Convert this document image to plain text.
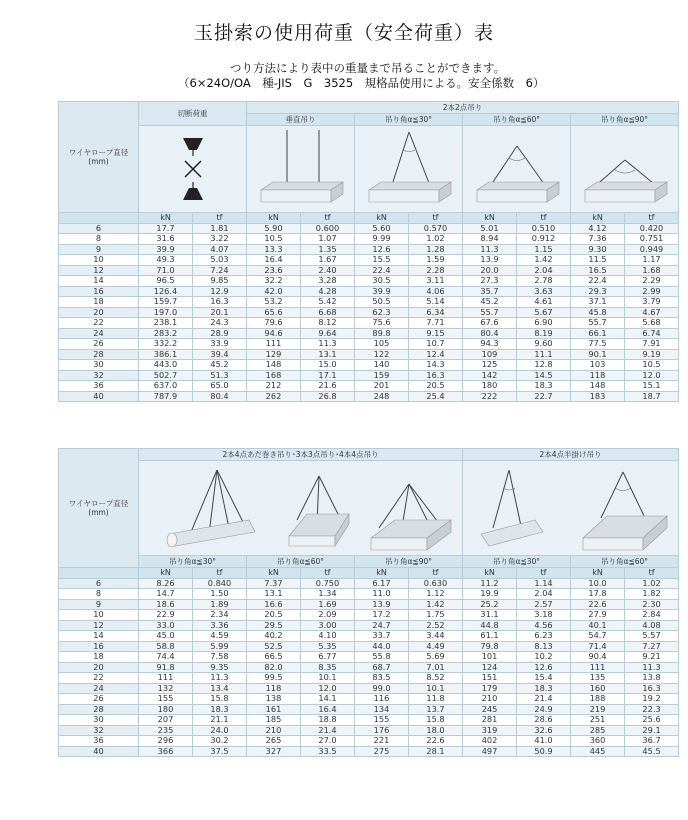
玉掛索の使用荷重（安全荷重）表
つり方法により表中の重量まで吊ることができます。
（6×24O/OA　種-JIS　G　3525　規格品使用による。安全係数　6）
ワイヤロープ直径(mm)	切断荷重		2本2点吊り							
			垂直吊り		吊り角α≦30°		吊り角α≦60°		吊り角α≦90°	

	kN	tf	kN	tf	kN	tf	kN	tf	kN	tf
6	17.7	1.81	5.90	0.600	5.60	0.570	5.01	0.510	4.12	0.420
8	31.6	3.22	10.5	1.07	9.99	1.02	8.94	0.912	7.36	0.751
9	39.9	4.07	13.3	1.35	12.6	1.28	11.3	1.15	9.30	0.949
10	49.3	5.03	16.4	1.67	15.5	1.59	13.9	1.42	11.5	1.17
12	71.0	7.24	23.6	2.40	22.4	2.28	20.0	2.04	16.5	1.68
14	96.5	9.85	32.2	3.28	30.5	3.11	27.3	2.78	22.4	2.29
16	126.4	12.9	42.0	4.28	39.9	4.06	35.7	3.63	29.3	2.99
18	159.7	16.3	53.2	5.42	50.5	5.14	45.2	4.61	37.1	3.79
20	197.0	20.1	65.6	6.68	62.3	6.34	55.7	5.67	45.8	4.67
22	238.1	24.3	79.6	8.12	75.6	7.71	67.6	6.90	55.7	5.68
24	283.2	28.9	94.6	9.64	89.8	9.15	80.4	8.19	66.1	6.74
26	332.2	33.9	111	11.3	105	10.7	94.3	9.60	77.5	7.91
28	386.1	39.4	129	13.1	122	12.4	109	11.1	90.1	9.19
30	443.0	45.2	148	15.0	140	14.3	125	12.8	103	10.5
32	502.7	51.3	168	17.1	159	16.3	142	14.5	118	12.0
36	637.0	65.0	212	21.6	201	20.5	180	18.3	148	15.1
40	787.9	80.4	262	26.8	248	25.4	222	22.7	183	18.7
ワイヤロープ直径(mm)	2本4点あだ巻き吊り･3本3点吊り･4本4点吊り						2本4点半掛け吊り			

	吊り角α≦30°		吊り角α≦60°		吊り角α≦90°		吊り角α≦30°		吊り角α≦60°	
	kN	tf	kN	tf	kN	tf	kN	tf	kN	tf
6	8.26	0.840	7.37	0.750	6.17	0.630	11.2	1.14	10.0	1.02
8	14.7	1.50	13.1	1.34	11.0	1.12	19.9	2.04	17.8	1.82
9	18.6	1.89	16.6	1.69	13.9	1.42	25.2	2.57	22.6	2.30
10	22.9	2.34	20.5	2.09	17.2	1.75	31.1	3.18	27.9	2.84
12	33.0	3.36	29.5	3.00	24.7	2.52	44.8	4.56	40.1	4.08
14	45.0	4.59	40.2	4.10	33.7	3.44	61.1	6.23	54.7	5.57
16	58.8	5.99	52.5	5.35	44.0	4.49	79.8	8.13	71.4	7.27
18	74.4	7.58	66.5	6.77	55.8	5.69	101	10.2	90.4	9.21
20	91.8	9.35	82.0	8.35	68.7	7.01	124	12.6	111	11.3
22	111	11.3	99.5	10.1	83.5	8.52	151	15.4	135	13.8
24	132	13.4	118	12.0	99.0	10.1	179	18.3	160	16.3
26	155	15.8	138	14.1	116	11.8	210	21.4	188	19.2
28	180	18.3	161	16.4	134	13.7	245	24.9	219	22.3
30	207	21.1	185	18.8	155	15.8	281	28.6	251	25.6
32	235	24.0	210	21.4	176	18.0	319	32.6	285	29.1
36	296	30.2	265	27.0	221	22.6	402	41.0	360	36.7
40	366	37.5	327	33.5	275	28.1	497	50.9	445	45.5
